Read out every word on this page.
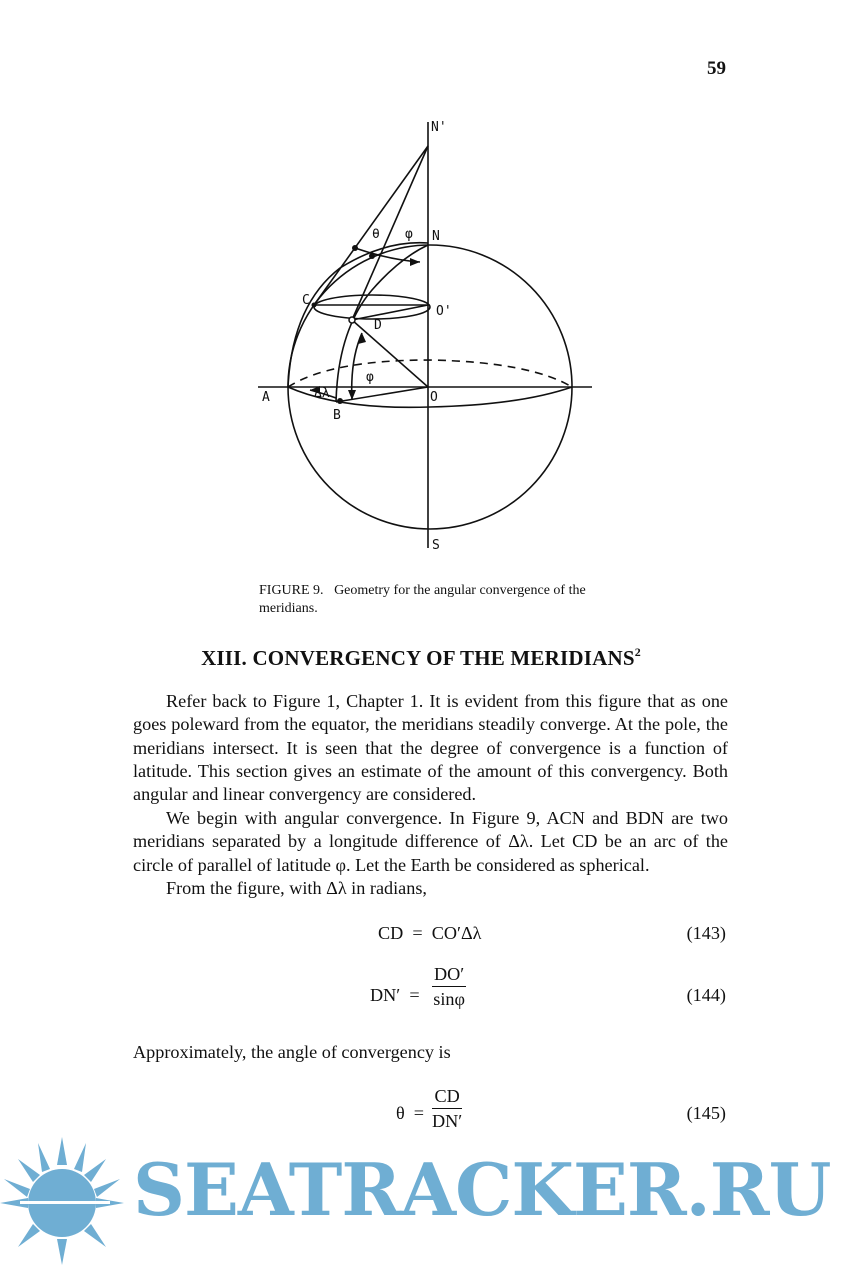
59
N'
N
θ φ
C
O'
D
φ
A	Δλ	O
B
S
FIGURE 9. Geometry for the angular convergence of the meridians.
XIII. CONVERGENCY OF THE MERIDIANS$^2$

Refer back to Figure 1, Chapter 1. It is evident from this figure that as one goes poleward from the equator, the meridians steadily converge. At the pole, the meridians intersect. It is seen that the degree of convergence is a function of latitude. This section gives an estimate of the amount of this convergency. Both angular and linear convergency are considered.

We begin with angular convergence. In Figure 9, ACN and BDN are two meridians separated by a longitude difference of Δλ. Let CD be an arc of the circle of parallel of latitude φ. Let the Earth be considered as spherical.

From the figure, with Δλ in radians,

CD  =  CO′Δλ	(143)
$DN' = \frac{DO'}{\sin\varphi}$	(144)

Approximately, the angle of convergency is

$\theta = \frac{CD}{DN'}$	(145)
SEATRACKER.RU
